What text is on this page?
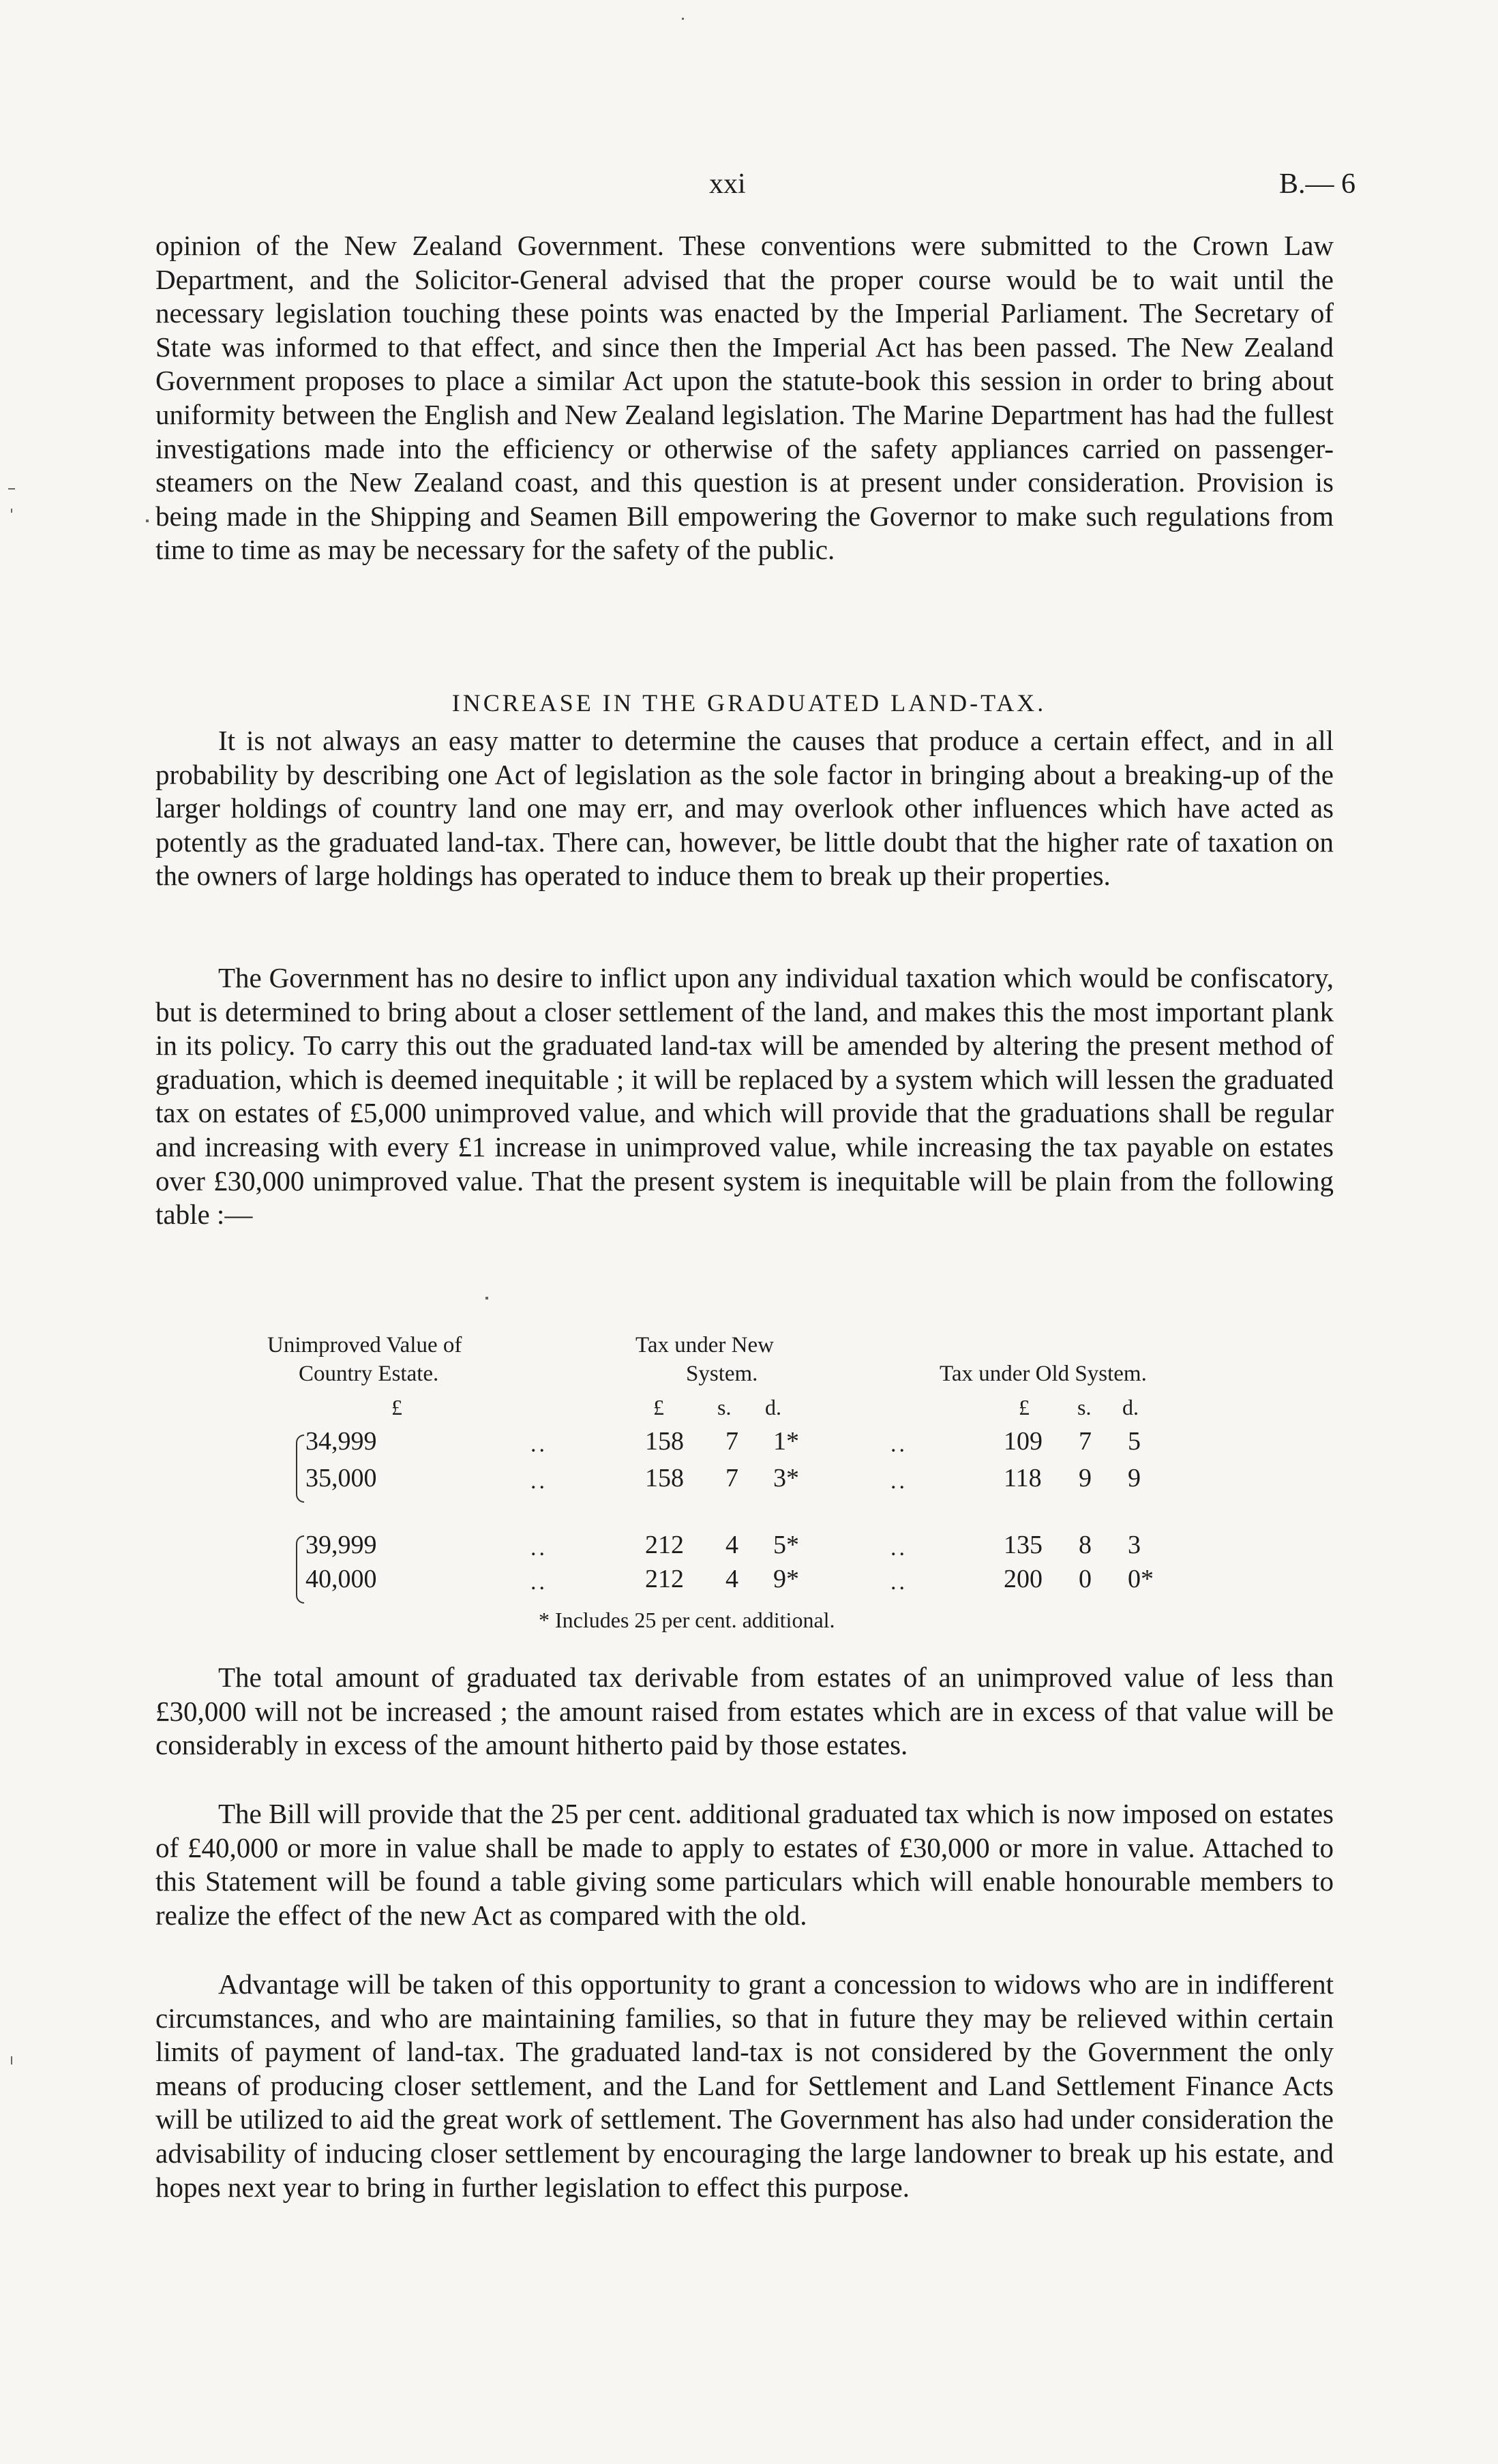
xxi	B.— 6

opinion of the New Zealand Government. These conventions were submitted to the Crown Law Department, and the Solicitor-General advised that the proper course would be to wait until the necessary legislation touching these points was enacted by the Imperial Parliament. The Secretary of State was informed to that effect, and since then the Imperial Act has been passed. The New Zealand Government proposes to place a similar Act upon the statute-book this session in order to bring about uniformity between the English and New Zealand legislation. The Marine Department has had the fullest investigations made into the efficiency or otherwise of the safety appliances carried on passenger-steamers on the New Zealand coast, and this question is at present under consideration. Provision is being made in the Shipping and Seamen Bill empowering the Governor to make such regulations from time to time as may be necessary for the safety of the public.

INCREASE IN THE GRADUATED LAND-TAX.

It is not always an easy matter to determine the causes that produce a certain effect, and in all probability by describing one Act of legislation as the sole factor in bringing about a breaking-up of the larger holdings of country land one may err, and may overlook other influences which have acted as potently as the graduated land-tax. There can, however, be little doubt that the higher rate of taxation on the owners of large holdings has operated to induce them to break up their properties.

The Government has no desire to inflict upon any individual taxation which would be confiscatory, but is determined to bring about a closer settlement of the land, and makes this the most important plank in its policy. To carry this out the graduated land-tax will be amended by altering the present method of graduation, which is deemed inequitable ; it will be replaced by a system which will lessen the graduated tax on estates of £5,000 unimproved value, and which will provide that the graduations shall be regular and increasing with every £1 increase in unimproved value, while increasing the tax payable on estates over £30,000 unimproved value. That the present system is inequitable will be plain from the following table :—

Unimproved Value of
Country Estate.
Tax under New
System.	Tax under Old System.
£	£ s. d.	£ s. d.
34,999	..	158 7 1*	..	109 7 5
35,000	..	158 7 3*	..	118 9 9
39,999	..	212 4 5*	..	135 8 3
40,000	..	212 4 9*	..	200 0 0*
* Includes 25 per cent. additional.

The total amount of graduated tax derivable from estates of an unimproved value of less than £30,000 will not be increased ; the amount raised from estates which are in excess of that value will be considerably in excess of the amount hitherto paid by those estates.

The Bill will provide that the 25 per cent. additional graduated tax which is now imposed on estates of £40,000 or more in value shall be made to apply to estates of £30,000 or more in value. Attached to this Statement will be found a table giving some particulars which will enable honourable members to realize the effect of the new Act as compared with the old.

Advantage will be taken of this opportunity to grant a concession to widows who are in indifferent circumstances, and who are maintaining families, so that in future they may be relieved within certain limits of payment of land-tax. The graduated land-tax is not considered by the Government the only means of producing closer settlement, and the Land for Settlement and Land Settlement Finance Acts will be utilized to aid the great work of settlement. The Government has also had under consideration the advisability of inducing closer settlement by encouraging the large landowner to break up his estate, and hopes next year to bring in further legislation to effect this purpose.
